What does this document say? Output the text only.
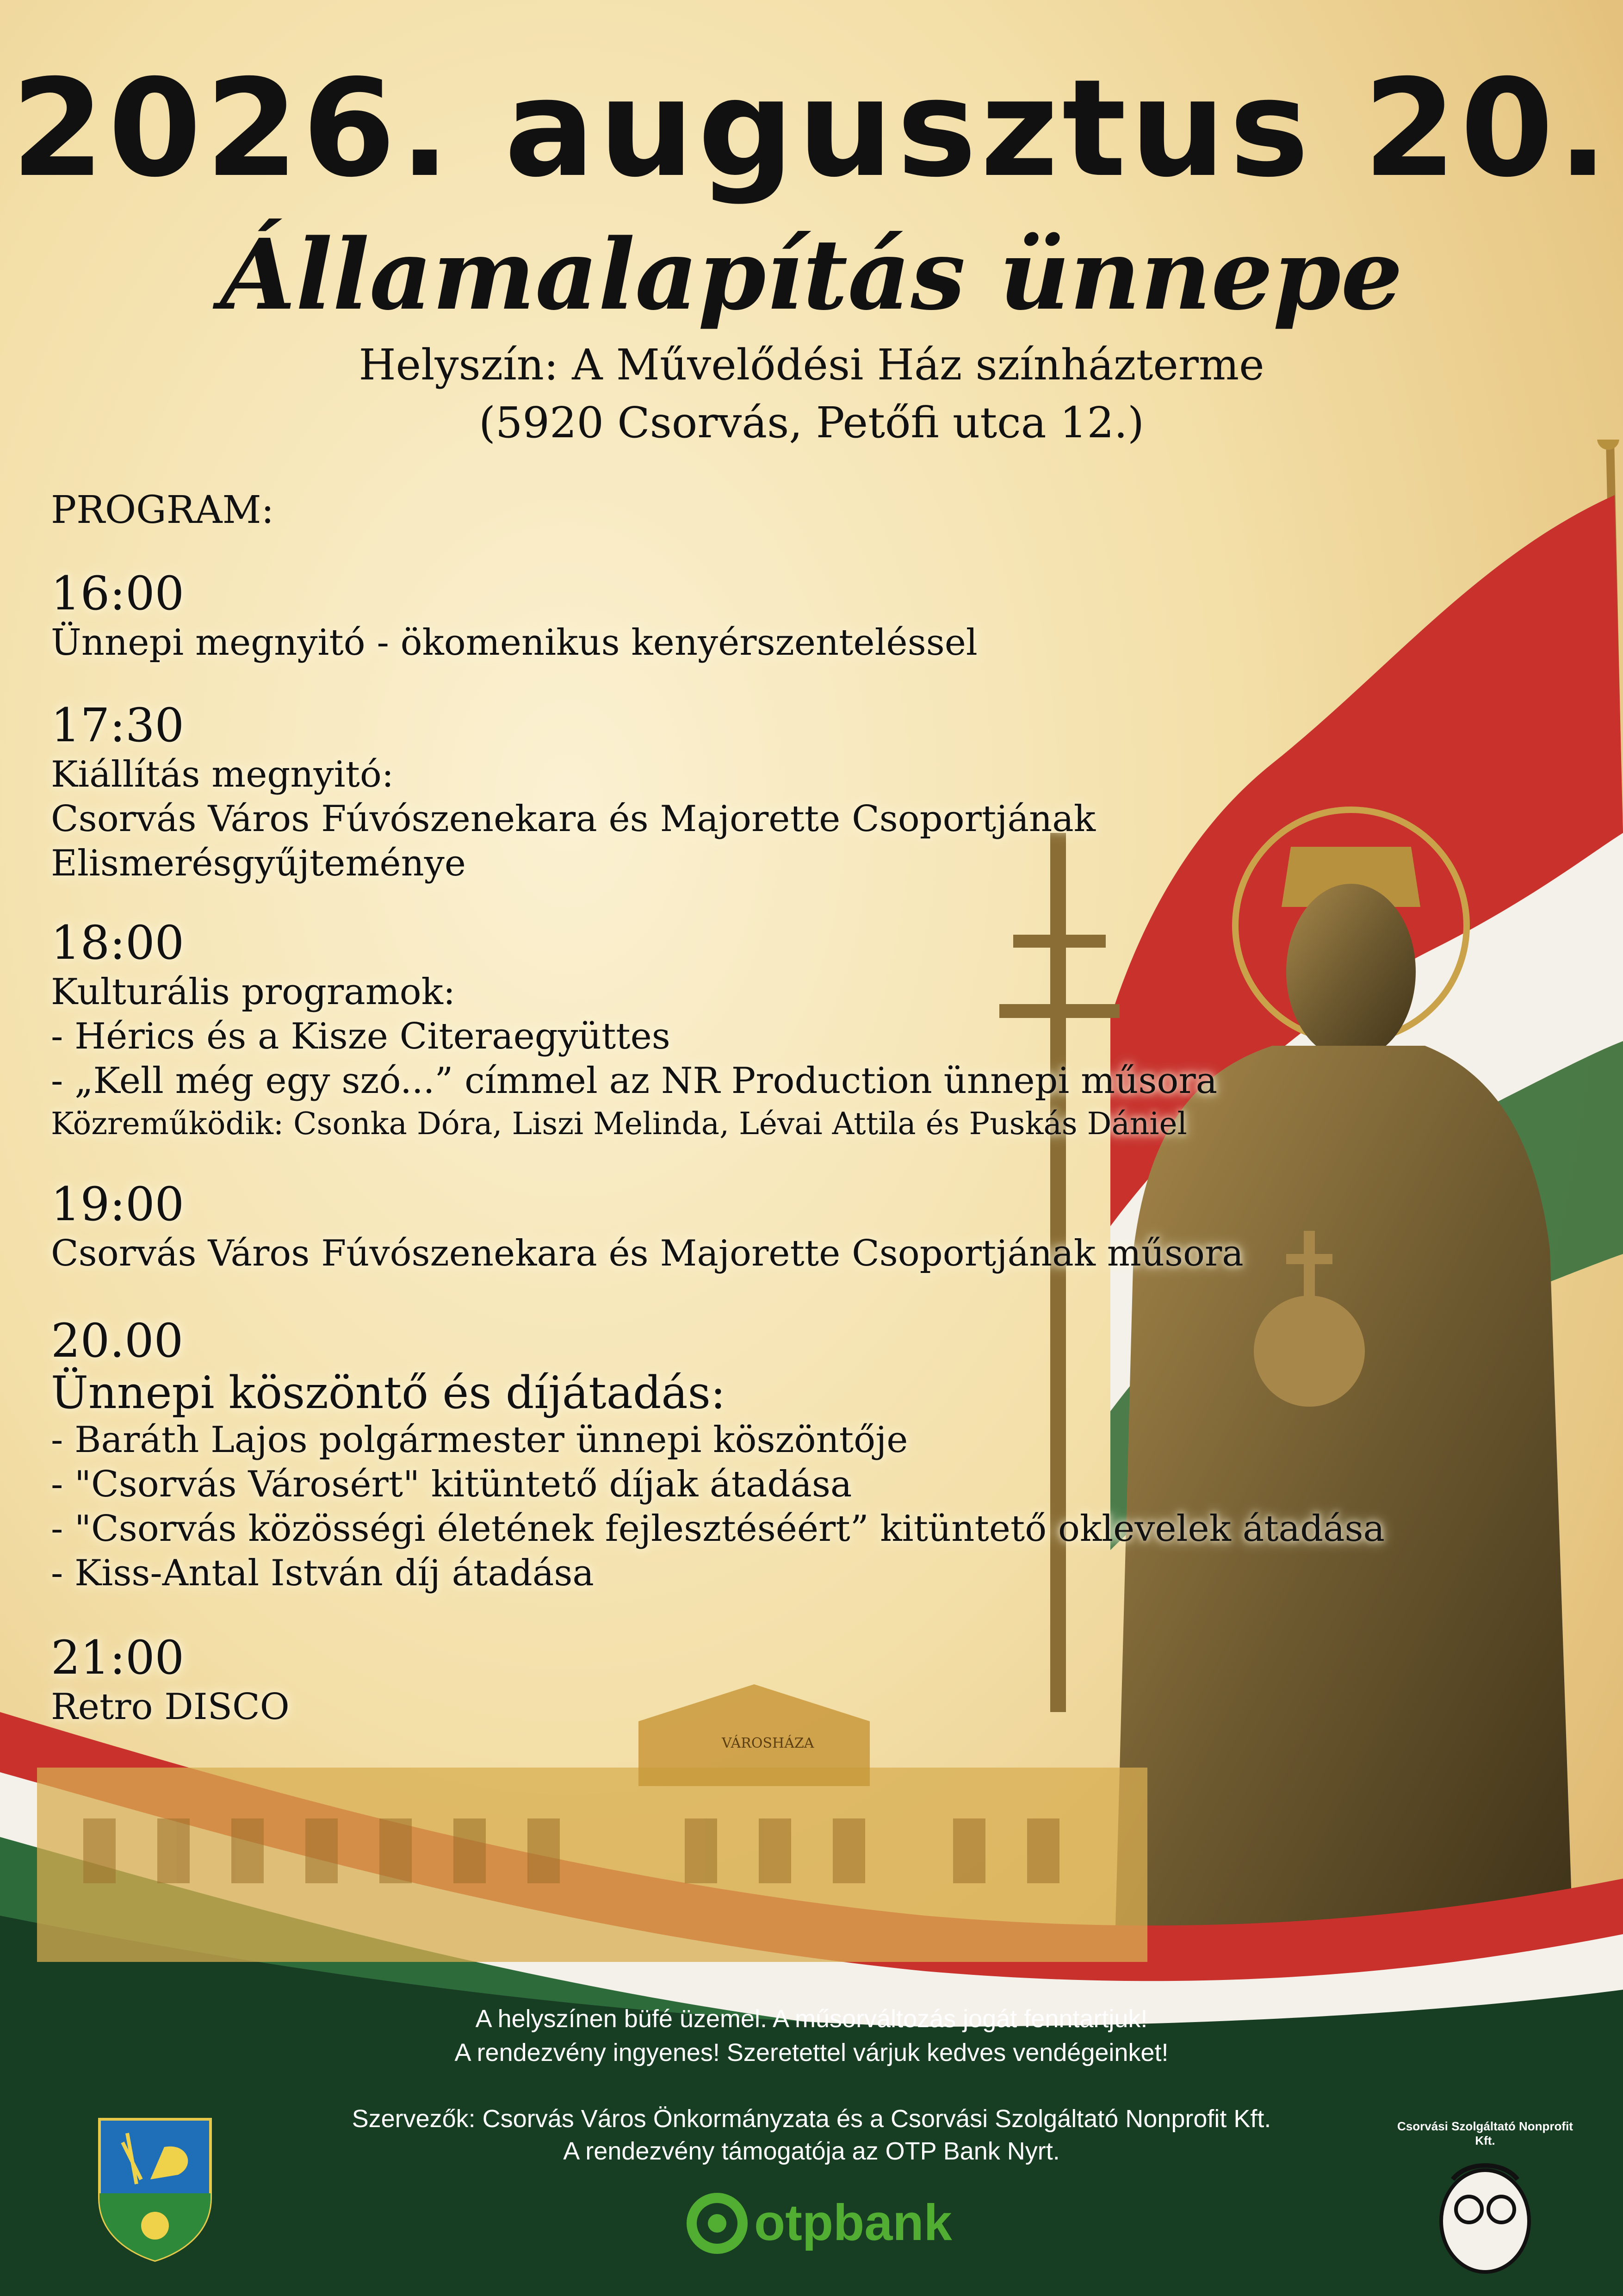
VÁROSHÁZA
2026. augusztus 20.
Államalapítás ünnepe
Helyszín: A Művelődési Ház színházterme
(5920 Csorvás, Petőfi utca 12.)
PROGRAM:
16:00
Ünnepi megnyitó - ökomenikus kenyérszenteléssel
17:30
Kiállítás megnyitó:
Csorvás Város Fúvószenekara és Majorette Csoportjának
Elismerésgyűjteménye
18:00
Kulturális programok:
- Hérics és a Kisze Citeraegyüttes
- „Kell még egy szó...” címmel az NR Production ünnepi műsora
Közreműködik: Csonka Dóra, Liszi Melinda, Lévai Attila és Puskás Dániel
19:00
Csorvás Város Fúvószenekara és Majorette Csoportjának műsora
20.00
Ünnepi köszöntő és díjátadás:
- Baráth Lajos polgármester ünnepi köszöntője
- "Csorvás Városért" kitüntető díjak átadása
- "Csorvás közösségi életének fejlesztéséért” kitüntető oklevelek átadása
- Kiss-Antal István díj átadása
21:00
Retro DISCO
A helyszínen büfé üzemel. A műsorváltozás jogát fenntartjuk!
A rendezvény ingyenes! Szeretettel várjuk kedves vendégeinket!
Szervezők: Csorvás Város Önkormányzata és a Csorvási Szolgáltató Nonprofit Kft.
A rendezvény támogatója az OTP Bank Nyrt.
otpbank
Csorvási Szolgáltató Nonprofit Kft.
